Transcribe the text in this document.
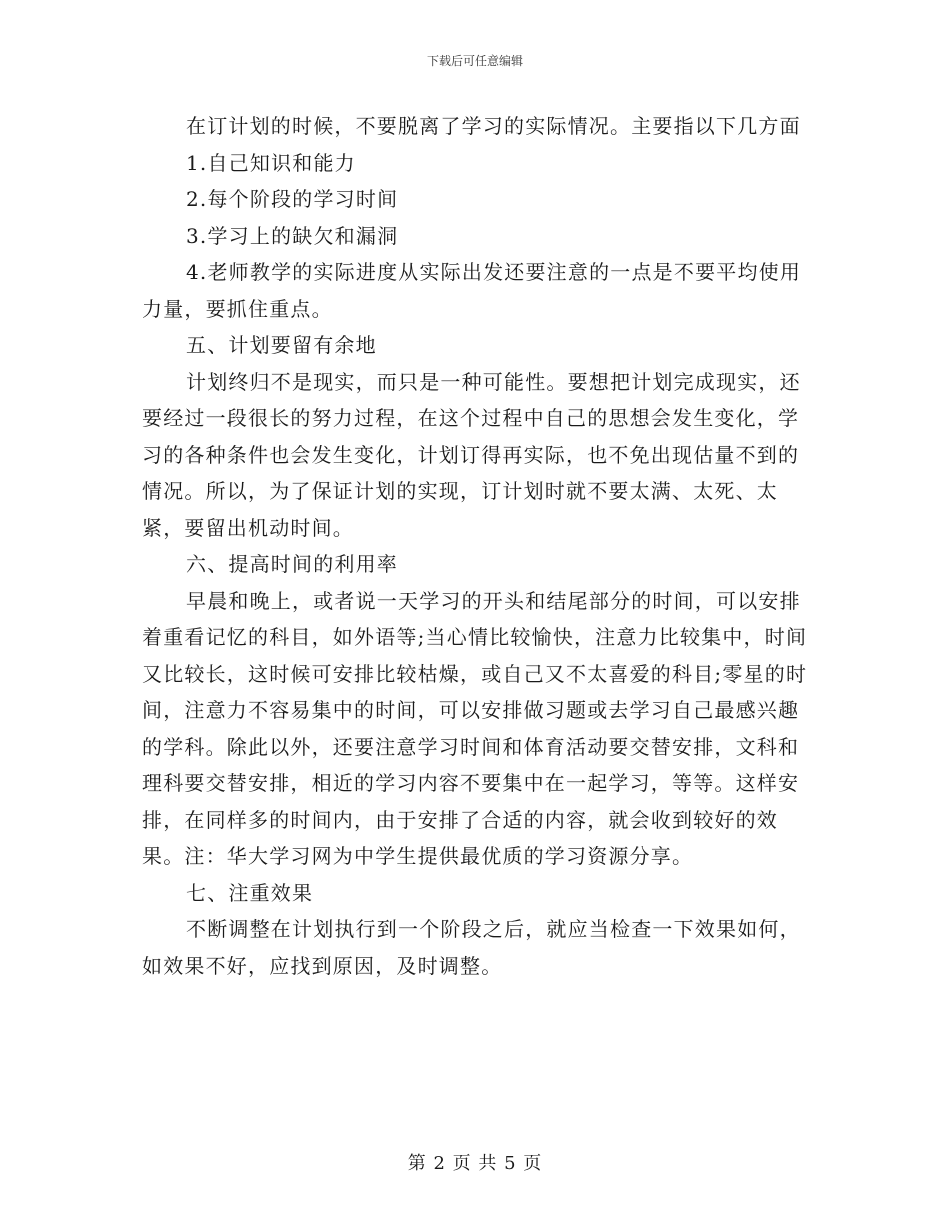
下载后可任意编辑

在订计划的时候，不要脱离了学习的实际情况。主要指以下几方面

1.自己知识和能力

2.每个阶段的学习时间

3.学习上的缺欠和漏洞

4.老师教学的实际进度从实际出发还要注意的一点是不要平均使用力量，要抓住重点。

五、计划要留有余地

计划终归不是现实，而只是一种可能性。要想把计划完成现实，还要经过一段很长的努力过程，在这个过程中自己的思想会发生变化，学习的各种条件也会发生变化，计划订得再实际，也不免出现估量不到的情况。所以，为了保证计划的实现，订计划时就不要太满、太死、太紧，要留出机动时间。

六、提高时间的利用率

早晨和晚上，或者说一天学习的开头和结尾部分的时间，可以安排着重看记忆的科目，如外语等;当心情比较愉快，注意力比较集中，时间又比较长，这时候可安排比较枯燥，或自己又不太喜爱的科目;零星的时间，注意力不容易集中的时间，可以安排做习题或去学习自己最感兴趣的学科。除此以外，还要注意学习时间和体育活动要交替安排，文科和理科要交替安排，相近的学习内容不要集中在一起学习，等等。这样安排，在同样多的时间内，由于安排了合适的内容，就会收到较好的效果。注：华大学习网为中学生提供最优质的学习资源分享。

七、注重效果

不断调整在计划执行到一个阶段之后，就应当检查一下效果如何，如效果不好，应找到原因，及时调整。

第 2 页 共 5 页
